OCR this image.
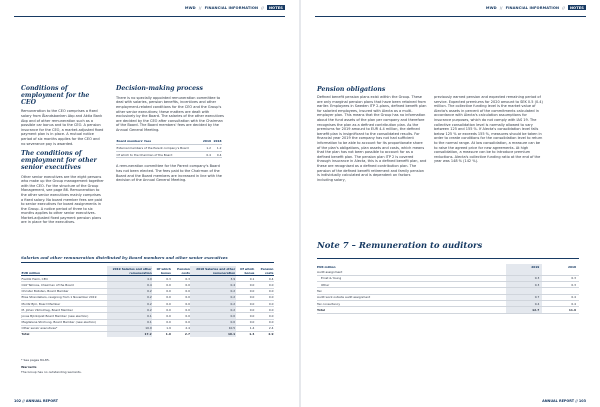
MWD // FINANCIAL INFORMATION //	NOTES
Conditions of employment for the CEO

Remuneration to the CEO comprises a fixed salary from Ålandsbanken Abp and Aktia Bank Abp and of other remuneration such as a possible car bonus and to the CEO. A pension insurance for the CEO, a market-adjusted fixed payment plan is in place. A mutual notice period of six months applies for the CEO and no severance pay is awarded.

The conditions of employment for other senior executives

Other senior executives are the eight persons who make up the Group management together with the CEO. For the structure of the Group Management, see page 86. Remuneration to the other senior executives mainly comprises a fixed salary. No board member fees are paid to senior executives for board assignments in the Group. A notice period of three to six months applies to other senior executives. Market-adjusted fixed payment pension plans are in place for the executives.

Decision-making process

There is no specially appointed remuneration committee to deal with salaries, pension benefits, incentives and other employment-related conditions for the CEO and the Group's other senior executives; these matters are dealt with exclusively by the Board. The salaries of the other executives are decided by the CEO after consultation with the Chairman of the Board. The Board members' fees are decided by the Annual General Meeting.

Board members' fees	2019	2018
External members of the Parent company's Board	1.2	1.2
Of which to the Chairman of the Board	0.4	0.4

A remuneration committee for the Parent company's Board has not been elected. The fees paid to the Chairman of the Board and the Board members are increased in line with the decision of the Annual General Meeting.

Salaries and other remuneration distributed by Board members and other senior executives
EUR million	2019 Salaries and other remuneration	Of which bonus	Pension costs	2018 Salaries and other remuneration	Of which bonus	Pension costs
Fredrik Heim, CEO	4.9	0.3	0.3	3.9	0.1	0.4
Olof Tallroos, Chairman of the Board	0.4	0.0	0.0	0.4	0.0	0.0
Christer Bollsten, Board Member	0.2	0.0	0.0	0.2	0.0	0.0
Elias Strandellers, resigning from 1 November 2019	0.2	0.0	0.0	0.2	0.0	0.0
Moritz Björ, Board Member	0.2	0.0	0.0	0.2	0.0	0.0
M. Johan Vikholmsg, Board Member	0.2	0.0	0.0	0.2	0.0	0.0
Jonas Björkqvist Board Member (new election)	0.1	0.0	0.0	0.0	0.0	0.0
Magdalena Strohung, Board Member (new election)	0.1	0.0	0.0	0.0	0.0	0.0
Other senior executives*	10.9	1.9	2.4	10.5	1.4	2.4
Total	17.2	1.9	2.7	16.1	1.4	2.9

* See pages 84-85.

Warrants

The Group has no outstanding warrants.

102 // ANNUAL REPORT
MWD // FINANCIAL INFORMATION //	NOTES
Pension obligations

Defined benefit pension plans exist within the Group. These are only marginal pension plans that have been retained from earlier. Employees in Sweden ITP 2-plans, defined benefit plan for salaried employees, insured with Alecta as a multi-employer plan. This means that the Group has no information about the fund assets of the plan per company and therefore recognises the plan as a defined contribution plan. As the premiums for 2019 amount to EUR 4.4 million, the defined benefit plan is insignificant to the consolidated results. For financial year 2019 the company has not had sufficient information to be able to account for its proportionate share of the plan's obligations, plan assets and costs, which means that the plan has not been possible to account for as a defined benefit plan. The pension plan ITP 2 is covered through insurance in Alecta, this is a defined benefit plan, and these are recognised as a defined contribution plan. The pension of the defined benefit retirement and family pension is individually calculated and is dependent on factors including salary,

previously earned pension and expected remaining period of service. Expected premiums for 2020 amount to SEK 0.5 (0.4) million. The collective funding level is the market value of Alecta's assets in percent of the commitments calculated in accordance with Alecta's calculation assumptions for insurance purposes, which do not comply with IAS 19. The collective consolidation level is normally allowed to vary between 125 and 155 %. If Alecta's consolidation level falls below 125 % or exceeds 155 %, measures should be taken in order to create conditions for the consolidation level to return to the normal range. At low consolidation, a measure can be to raise the agreed price for new agreements. At high consolidation, a measure can be to introduce premium reductions. Alecta's collective funding ratio at the end of the year was 148 % (142 %).

Note 7 – Remuneration to auditors
EUR million	2019	2018
Audit assignment		
Ernst & Young	0.3	0.3
Other	0.3	0.3
Tax		
Audit work outside audit assignment	0.7	0.4
Tax consultancy	0.4	0.4
Total	12.7	11.9
ANNUAL REPORT // 103
